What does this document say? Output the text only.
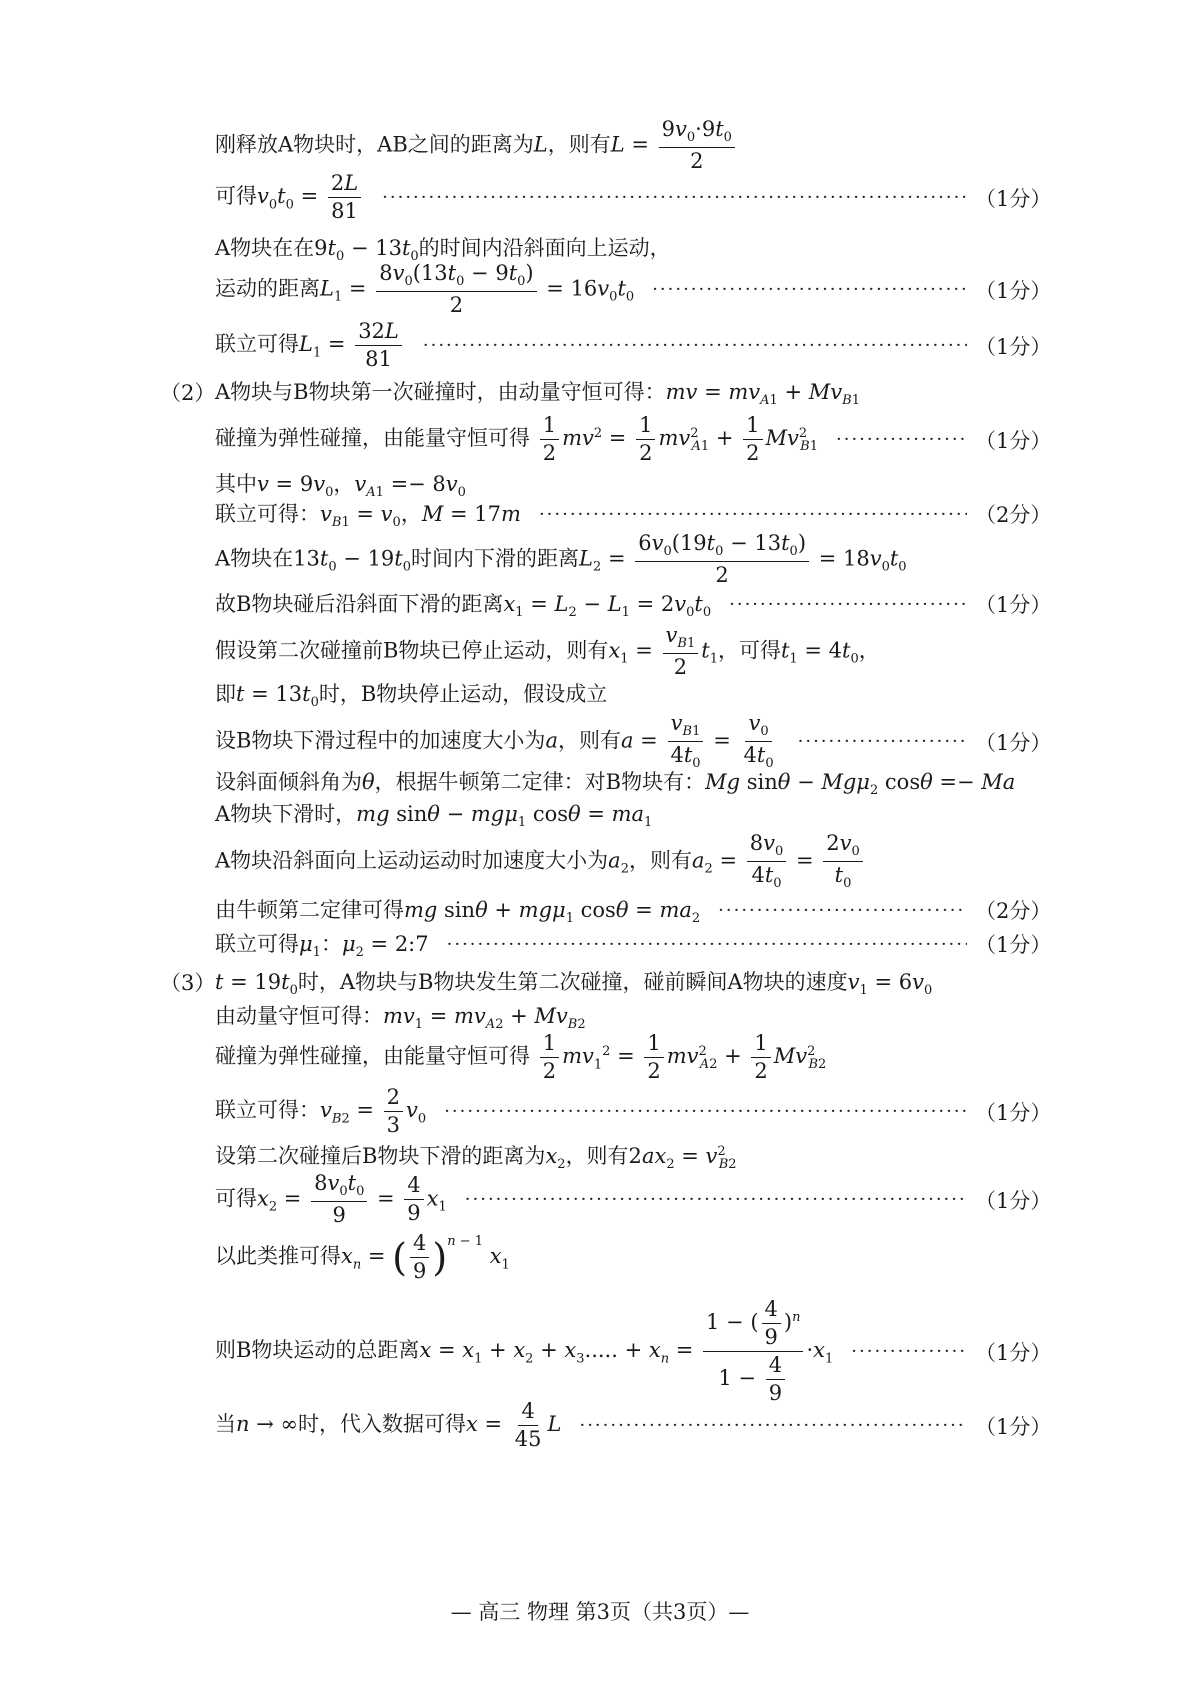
刚释放A物块时，AB之间的距离为L，则有$L = \frac{9v_0\cdot 9t_0}{2}$
可得$v_0t_0 = \frac{2L}{81}$ ·····	（1分）
A物块在在$9t_0 - 13t_0$的时间内沿斜面向上运动，
运动的距离$L_1 = \frac{8v_0(13t_0 - 9t_0)}{2} = 16v_0t_0$ ·····	（1分）
联立可得$L_1 = \frac{32L}{81}$ ·····	（1分）
（2） A物块与B物块第一次碰撞时，由动量守恒可得：mv = $mv_{A1} + Mv_{B1}$
碰撞为弹性碰撞，由能量守恒可得 $\frac{1}{2} mv^2 = \frac{1}{2} mv^2_{A1} + \frac{1}{2} Mv^2_{B1}$ ·····	（1分）
其中$v = 9v_0$，$v_{A1} =- 8v_0$
联立可得：$v_{B1} = v_0$，M = 17m ·····	（2分）
A物块在$13t_0 - 19t_0$时间内下滑的距离$L_2 = \frac{6v_0(19t_0 - 13t_0)}{2} = 18v_0t_0$
故B物块碰后沿斜面下滑的距离$x_1 = L_2 - L_1 = 2v_0t_0$ ·····	（1分）
假设第二次碰撞前B物块已停止运动，则有$x_1 = \frac{v_{B1}}{2} t_1$，可得$t_1 = 4t_0$，
即$t = 13t_0$时，B物块停止运动，假设成立
设B物块下滑过程中的加速度大小为a，则有$a = \frac{v_{B1}}{4t_0} = \frac{v_0}{4t_0}$ ·····	（1分）
设斜面倾斜角为θ，根据牛顿第二定律：对B物块有：Mg sinθ − Mgμ$_2$ cosθ =− Ma
A物块下滑时，mg sinθ − mgμ$_1$ $\cos\theta = ma_1$
A物块沿斜面向上运动运动时加速度大小为$a_2$，则有$a_2 = \frac{8v_0}{4t_0} = \frac{2v_0}{t_0}$
由牛顿第二定律可得mg sinθ + mgμ$_1$ $\cos\theta = ma_2$ ·····	（2分）
联立可得$\mu_1$：$\mu_2$ = 2:7 ·····	（1分）
（3） $t = 19t_0$时，A物块与B物块发生第二次碰撞，碰前瞬间A物块的速度$v_1 = 6v_0$
由动量守恒可得：$mv_1 = mv_{A2} + Mv_{B2}$
碰撞为弹性碰撞，由能量守恒可得 $\frac{1}{2} mv_1^2 = \frac{1}{2} mv^2_{A2} + \frac{1}{2} Mv^2_{B2}$
联立可得：$v_{B2} = \frac{2}{3} v_0$ ·····	（1分）
设第二次碰撞后B物块下滑的距离为$x_2$，则有$2ax_2 = v^2_{B2}$
可得$x_2 = \frac{8v_0t_0}{9} = \frac{4}{9} x_1$ ·····	（1分）
以此类推可得$x_n$ = ( $\frac{4}{9} )^{n - 1}$ $x_1$
则B物块运动的总距离$x = x_1 + x_2 + x_3$..... + $x_n = \frac{1 - ( \frac{4}{9} )^n}{1 - \frac{4}{9}} \cdot x_1$ ·····	（1分）
当n → ∞时，代入数据可得$x = \frac{4}{45}$ L ·····	（1分）
— 高三 物理 第3页（共3页）—
